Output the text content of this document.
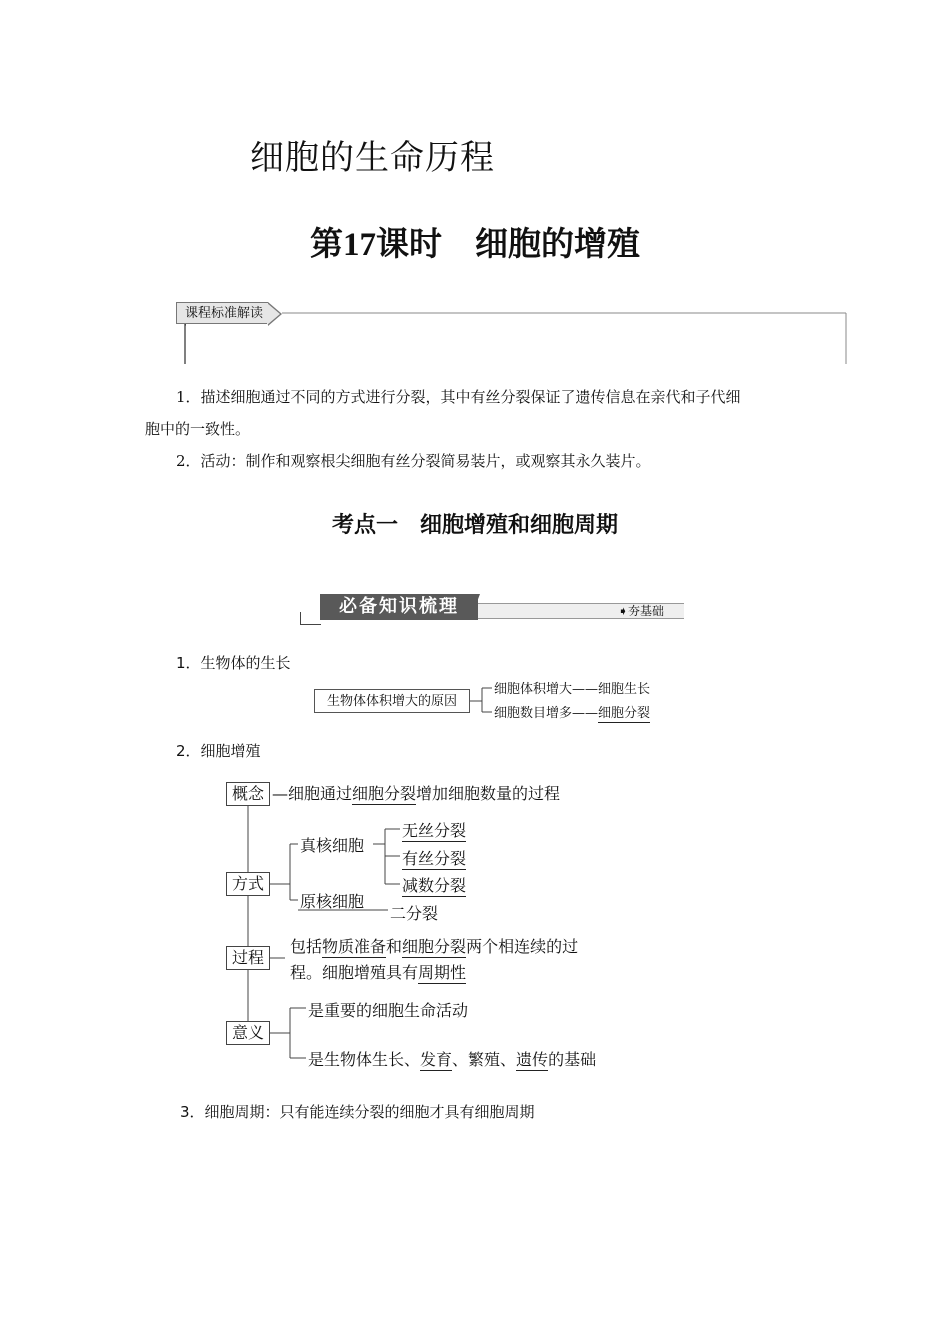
细胞的生命历程
第17课时　细胞的增殖
课程标准解读
1．描述细胞通过不同的方式进行分裂，其中有丝分裂保证了遗传信息在亲代和子代细
胞中的一致性。
2．活动：制作和观察根尖细胞有丝分裂简易装片，或观察其永久装片。
考点一　细胞增殖和细胞周期
必备知识梳理	➧夯基础
1．生物体的生长
生物体体积增大的原因
细胞体积增大——细胞生长
细胞数目增多——细胞分裂
2．细胞增殖
概念 —细胞通过细胞分裂增加细胞数量的过程
方式
真核细胞
原核细胞
无丝分裂
有丝分裂
减数分裂
二分裂
过程
包括物质准备和细胞分裂两个相连续的过
程。细胞增殖具有周期性
意义
是重要的细胞生命活动
是生物体生长、发育、繁殖、遗传的基础
3．细胞周期：只有能连续分裂的细胞才具有细胞周期
